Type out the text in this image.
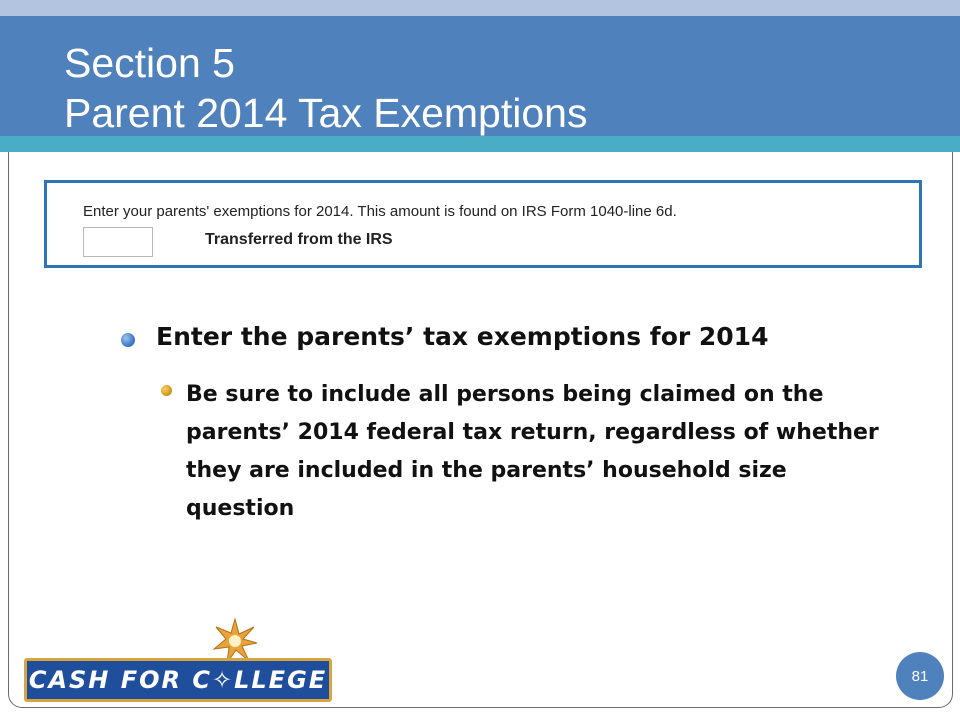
Section 5
Parent 2014 Tax Exemptions
Enter your parents' exemptions for 2014. This amount is found on IRS Form 1040-line 6d.
Transferred from the IRS
Enter the parents’ tax exemptions for 2014
Be sure to include all persons being claimed on the parents’ 2014 federal tax return, regardless of whether they are included in the parents’ household size question
CASH FOR C✧LLEGE	81
